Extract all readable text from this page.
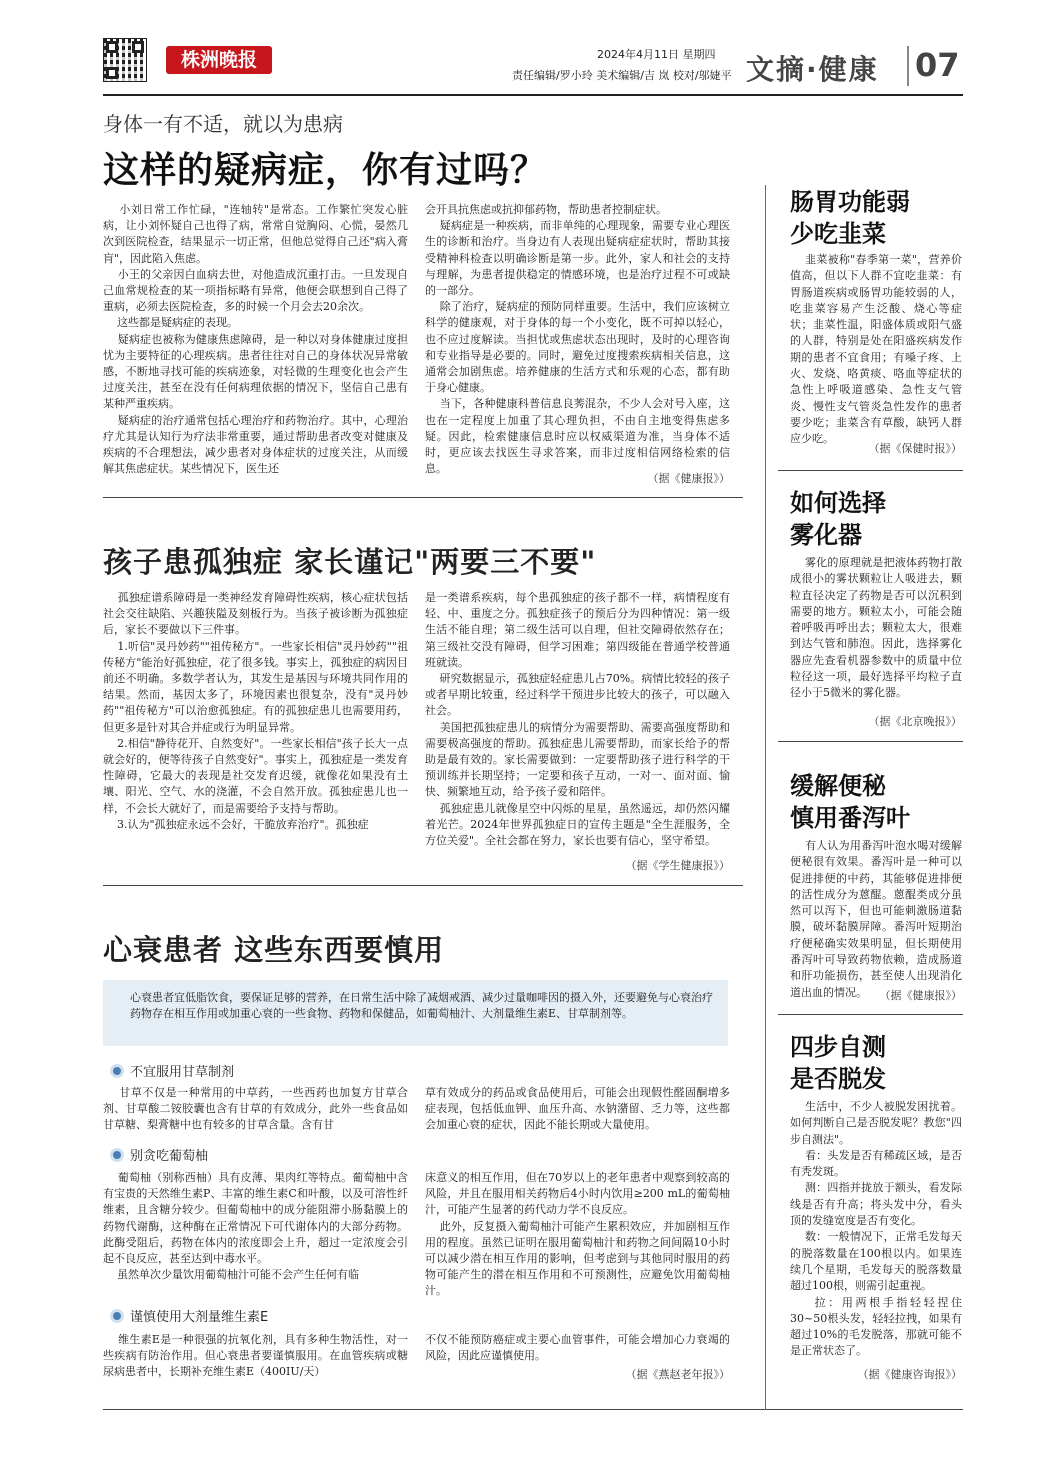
株洲晚报	2024年4月11日 星期四
责任编辑/罗小玲 美术编辑/吉 岚 校对/邬婕平 文摘·健康 07
身体一有不适，就以为患病
这样的疑病症，你有过吗？
小刘日常工作忙碌，"连轴转"是常态。工作繁忙突发心脏病，让小刘怀疑自己也得了病，常常自觉胸闷、心慌，晏然几次到医院检查，结果显示一切正常，但他总觉得自己还"病入膏肓"，因此陷入焦虑。
小王的父亲因白血病去世，对他造成沉重打击。一旦发现自己血常规检查的某一项指标略有异常，他便会联想到自己得了重病，必须去医院检查，多的时候一个月会去20余次。
这些都是疑病症的表现。
疑病症也被称为健康焦虑障碍，是一种以对身体健康过度担忧为主要特征的心理疾病。患者往往对自己的身体状况异常敏感，不断地寻找可能的疾病迹象，对轻微的生理变化也会产生过度关注，甚至在没有任何病理依据的情况下，坚信自己患有某种严重疾病。
疑病症的治疗通常包括心理治疗和药物治疗。其中，心理治疗尤其是认知行为疗法非常重要，通过帮助患者改变对健康及疾病的不合理想法，减少患者对身体症状的过度关注，从而缓解其焦虑症状。某些情况下，医生还
会开具抗焦虑或抗抑郁药物，帮助患者控制症状。
疑病症是一种疾病，而非单纯的心理现象，需要专业心理医生的诊断和治疗。当身边有人表现出疑病症症状时，帮助其接受精神科检查以明确诊断是第一步。此外，家人和社会的支持与理解，为患者提供稳定的情感环境，也是治疗过程不可或缺的一部分。
除了治疗，疑病症的预防同样重要。生活中，我们应该树立科学的健康观，对于身体的每一个小变化，既不可掉以轻心，也不应过度解读。当担忧或焦虑状态出现时，及时的心理咨询和专业指导是必要的。同时，避免过度搜索疾病相关信息，这通常会加剧焦虑。培养健康的生活方式和乐观的心态，都有助于身心健康。
当下，各种健康科普信息良莠混杂，不少人会对号入座，这也在一定程度上加重了其心理负担，不由自主地变得焦虑多疑。因此，检索健康信息时应以权威渠道为准，当身体不适时，更应该去找医生寻求答案，而非过度相信网络检索的信息。
（据《健康报》）
孩子患孤独症 家长谨记"两要三不要"
孤独症谱系障碍是一类神经发育障碍性疾病，核心症状包括社会交往缺陷、兴趣狭隘及刻板行为。当孩子被诊断为孤独症后，家长不要做以下三件事。
1.听信"灵丹妙药""祖传秘方"。一些家长相信"灵丹妙药""祖传秘方"能治好孤独症，花了很多钱。事实上，孤独症的病因目前还不明确。多数学者认为，其发生是基因与环境共同作用的结果。然而，基因太多了，环境因素也很复杂，没有"灵丹妙药""祖传秘方"可以治愈孤独症。有的孤独症患儿也需要用药，但更多是针对其合并症或行为明显异常。
2.相信"静待花开、自然变好"。一些家长相信"孩子长大一点就会好的，便等待孩子自然变好"。事实上，孤独症是一类发育性障碍，它最大的表现是社交发育迟缓，就像花如果没有土壤、阳光、空气、水的浇灌，不会自然开放。孤独症患儿也一样，不会长大就好了，而是需要给予支持与帮助。
3.认为"孤独症永远不会好，干脆放弃治疗"。孤独症
是一类谱系疾病，每个患孤独症的孩子都不一样，病情程度有轻、中、重度之分。孤独症孩子的预后分为四种情况：第一级生活不能自理；第二级生活可以自理，但社交障碍依然存在；第三级社交没有障碍，但学习困难；第四级能在普通学校普通班就读。
研究数据显示，孤独症轻症患儿占70%。病情比较轻的孩子或者早期比较重，经过科学干预进步比较大的孩子，可以融入社会。
美国把孤独症患儿的病情分为需要帮助、需要高强度帮助和需要极高强度的帮助。孤独症患儿需要帮助，而家长给予的帮助是最有效的。家长需要做到：一定要帮助孩子进行科学的干预训练并长期坚持；一定要和孩子互动，一对一、面对面、愉快、频繁地互动，给予孩子爱和陪伴。
孤独症患儿就像星空中闪烁的星星，虽然遥远，却仍然闪耀着光芒。2024年世界孤独症日的宣传主题是"全生涯服务，全方位关爱"。全社会都在努力，家长也要有信心，坚守希望。
（据《学生健康报》）
心衰患者 这些东西要慎用
心衰患者宜低脂饮食，要保证足够的营养，在日常生活中除了减烟戒酒、减少过量咖啡因的摄入外，还要避免与心衰治疗药物存在相互作用或加重心衰的一些食物、药物和保健品，如葡萄柚汁、大剂量维生素E、甘草制剂等。
不宜服用甘草制剂
甘草不仅是一种常用的中草药，一些西药也加复方甘草合剂、甘草酸二铵胶囊也含有甘草的有效成分，此外一些食品如甘草糖、梨膏糖中也有较多的甘草含量。含有甘
草有效成分的药品或食品使用后，可能会出现假性醛固酮增多症表现，包括低血钾、血压升高、水钠潴留、乏力等，这些都会加重心衰的症状，因此不能长期或大量使用。
别贪吃葡萄柚
葡萄柚（别称西柚）具有皮薄、果肉红等特点。葡萄柚中含有宝贵的天然维生素P、丰富的维生素C和叶酸，以及可溶性纤维素，且含糖分较少。但葡萄柚中的成分能阻滞小肠黏膜上的药物代谢酶，这种酶在正常情况下可代谢体内的大部分药物。此酶受阻后，药物在体内的浓度即会上升，超过一定浓度会引起不良反应，甚至达到中毒水平。
虽然单次少量饮用葡萄柚汁可能不会产生任何有临
床意义的相互作用，但在70岁以上的老年患者中观察到较高的风险，并且在服用相关药物后4小时内饮用≥200 mL的葡萄柚汁，可能产生显著的药代动力学不良反应。
此外，反复摄入葡萄柚汁可能产生累积效应，并加剧相互作用的程度。虽然已证明在服用葡萄柚汁和药物之间间隔10小时可以减少潜在相互作用的影响，但考虑到与其他同时服用的药物可能产生的潜在相互作用和不可预测性，应避免饮用葡萄柚汁。
谨慎使用大剂量维生素E
维生素E是一种很强的抗氧化剂，具有多种生物活性，对一些疾病有防治作用。但心衰患者要谨慎服用。在血管疾病或糖尿病患者中，长期补充维生素E（400IU/天）
不仅不能预防癌症或主要心血管事件，可能会增加心力衰竭的风险，因此应谨慎使用。
（据《燕赵老年报》）
肠胃功能弱
少吃韭菜
韭菜被称"春季第一菜"，营养价值高，但以下人群不宜吃韭菜：有胃肠道疾病或肠胃功能较弱的人，吃韭菜容易产生泛酸、烧心等症状；韭菜性温，阳盛体质或阳气盛的人群，特别是处在阳盛疾病发作期的患者不宜食用；有嗓子疼、上火、发烧、咯黄痰、咯血等症状的急性上呼吸道感染、急性支气管炎、慢性支气管炎急性发作的患者要少吃；韭菜含有草酸，缺钙人群应少吃。
（据《保健时报》）
如何选择
雾化器
雾化的原理就是把液体药物打散成很小的雾状颗粒让人吸进去，颗粒直径决定了药物是否可以沉积到需要的地方。颗粒太小，可能会随着呼吸再呼出去；颗粒太大，很难到达气管和肺泡。因此，选择雾化器应先查看机器参数中的质量中位粒径这一项，最好选择平均粒子直径小于5微米的雾化器。
（据《北京晚报》）
缓解便秘
慎用番泻叶
有人认为用番泻叶泡水喝对缓解便秘很有效果。番泻叶是一种可以促进排便的中药，其能够促进排便的活性成分为蒽醌。蒽醌类成分虽然可以泻下，但也可能刺激肠道黏膜，破坏黏膜屏障。番泻叶短期治疗便秘确实效果明显，但长期使用番泻叶可导致药物依赖，造成肠道和肝功能损伤，甚至使人出现消化道出血的情况。	（据《健康报》）
四步自测
是否脱发
生活中，不少人被脱发困扰着。如何判断自己是否脱发呢？教您"四步自测法"。
看：头发是否有稀疏区域，是否有秃发斑。
测：四指并拢放于额头，看发际线是否有升高；将头发中分，看头顶的发缝宽度是否有变化。
数：一般情况下，正常毛发每天的脱落数量在100根以内。如果连续几个星期，毛发每天的脱落数量超过100根，则需引起重视。
拉：用两根手指轻轻捏住30~50根头发，轻轻拉拽，如果有超过10%的毛发脱落，那就可能不是正常状态了。
（据《健康咨询报》）
